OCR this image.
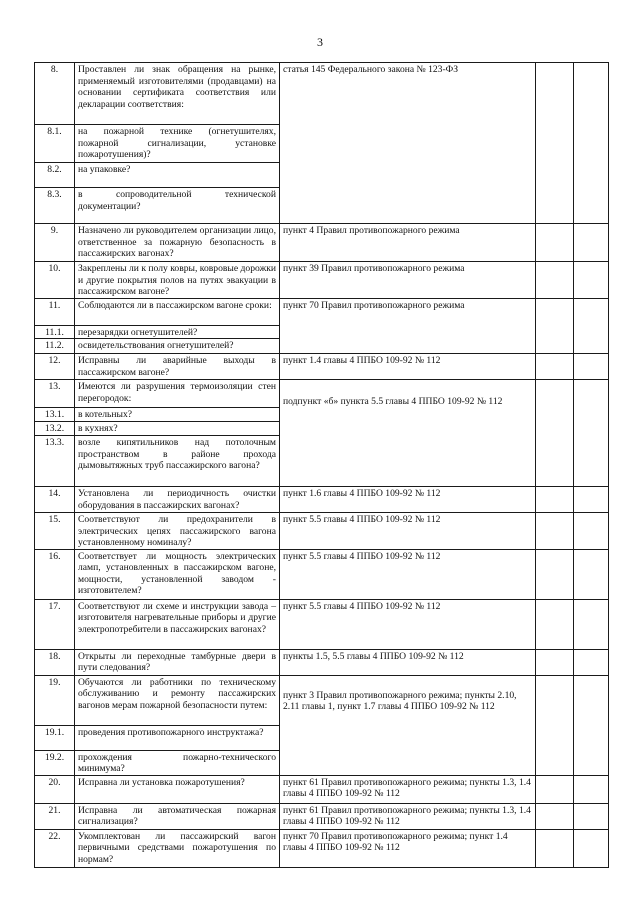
3
8.	Проставлен ли знак обращения на рынке, применяемый изготовителями (продавцами) на основании сертификата соответствия или декларации соответствия:	статья 145 Федерального закона № 123-ФЗ		
8.1.	на пожарной технике (огнетушителях, пожарной сигнализации, установке пожаротушения)?			
8.2.	на упаковке?			
8.3.	в сопроводительной технической документации?			
9.	Назначено ли руководителем организации лицо, ответственное за пожарную безопасность в пассажирских вагонах?	пункт 4 Правил противопожарного режима		
10.	Закреплены ли к полу ковры, ковровые дорожки и другие покрытия полов на путях эвакуации в пассажирском вагоне?	пункт 39 Правил противопожарного режима		
11.	Соблюдаются ли в пассажирском вагоне сроки:	пункт 70 Правил противопожарного режима		
11.1.	перезарядки огнетушителей?			
11.2.	освидетельствования огнетушителей?			
12.	Исправны ли аварийные выходы в пассажирском вагоне?	пункт 1.4 главы 4 ППБО 109-92 № 112		
13.	Имеются ли разрушения термоизоляции стен перегородок:	подпункт «б» пункта 5.5 главы 4 ППБО 109-92 № 112		
13.1.	в котельных?			
13.2.	в кухнях?			
13.3.	возле кипятильников над потолочным пространством в районе прохода дымовытяжных труб пассажирского вагона?			
14.	Установлена ли периодичность очистки оборудования в пассажирских вагонах?	пункт 1.6 главы 4 ППБО 109-92 № 112		
15.	Соответствуют ли предохранители в электрических цепях пассажирского вагона установленному номиналу?	пункт 5.5 главы 4 ППБО 109-92 № 112		
16.	Соответствует ли мощность электрических ламп, установленных в пассажирском вагоне, мощности, установленной заводом - изготовителем?	пункт 5.5 главы 4 ППБО 109-92 № 112		
17.	Соответствуют ли схеме и инструкции завода – изготовителя нагревательные приборы и другие электропотребители в пассажирских вагонах?	пункт 5.5 главы 4 ППБО 109-92 № 112		
18.	Открыты ли переходные тамбурные двери в пути следования?	пункты 1.5, 5.5 главы 4 ППБО 109-92 № 112		
19.	Обучаются ли работники по техническому обслуживанию и ремонту пассажирских вагонов мерам пожарной безопасности путем:	пункт 3 Правил противопожарного режима; пункты 2.10, 2.11 главы 1, пункт 1.7 главы 4 ППБО 109-92 № 112		
19.1.	проведения противопожарного инструктажа?			
19.2.	прохождения пожарно-технического минимума?			
20.	Исправна ли установка пожаротушения?	пункт 61 Правил противопожарного режима; пункты 1.3, 1.4 главы 4 ППБО 109-92 № 112		
21.	Исправна ли автоматическая пожарная сигнализация?	пункт 61 Правил противопожарного режима; пункты 1.3, 1.4 главы 4 ППБО 109-92 № 112		
22.	Укомплектован ли пассажирский вагон первичными средствами пожаротушения по нормам?	пункт 70 Правил противопожарного режима; пункт 1.4 главы 4 ППБО 109-92 № 112		
